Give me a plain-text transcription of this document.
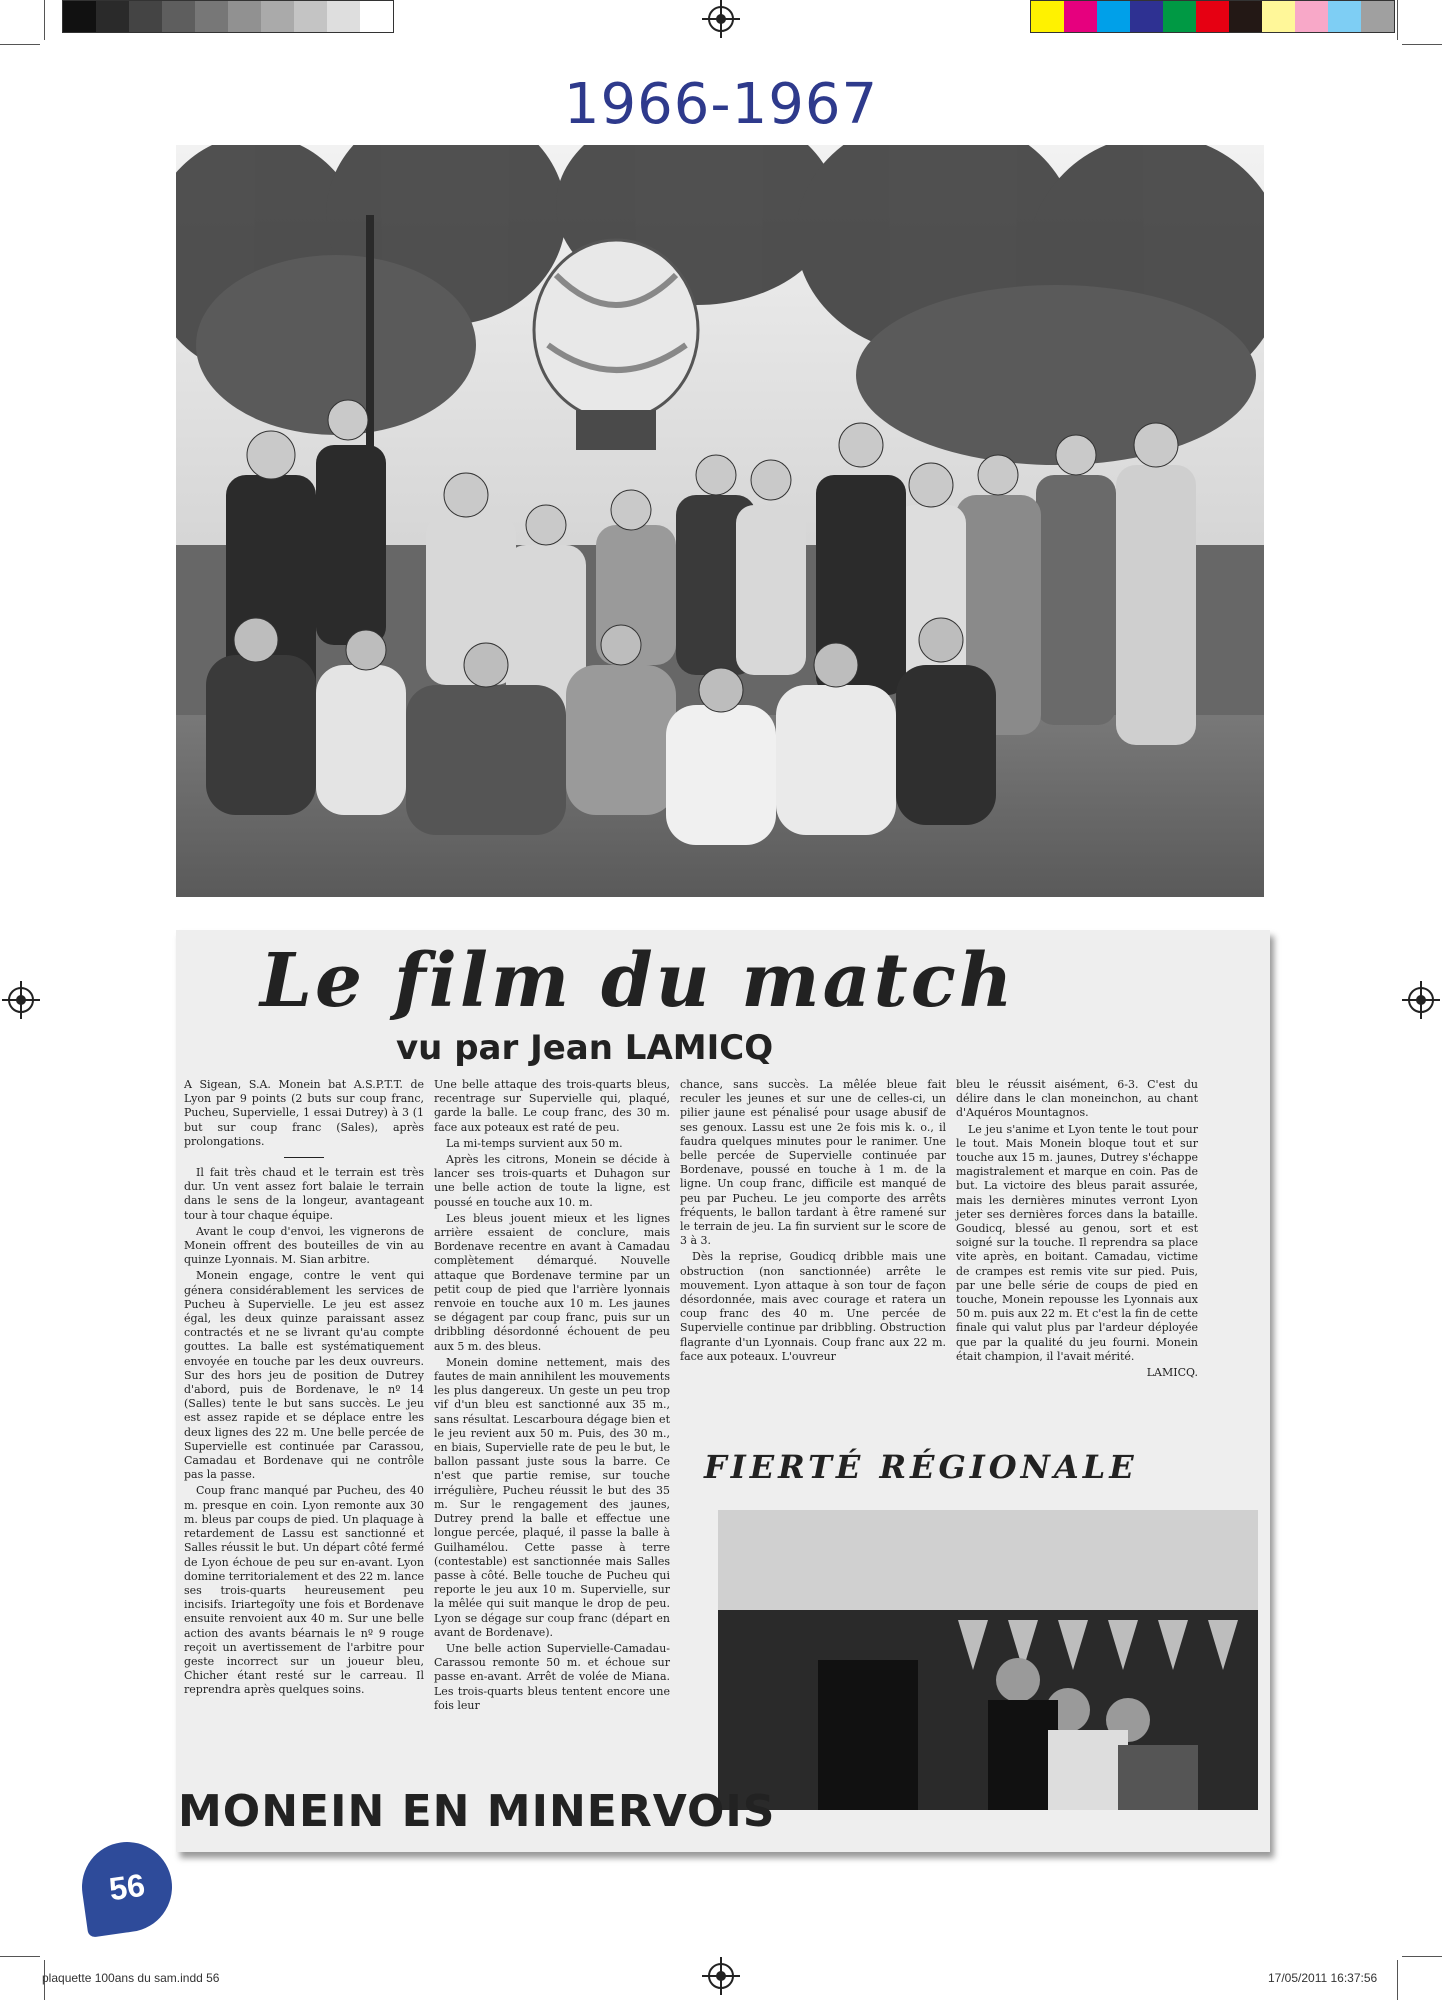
1966-1967
Le film du match
vu par Jean LAMICQ

A Sigean, S.A. Monein bat A.S.P.T.T. de Lyon par 9 points (2 buts sur coup franc, Pucheu, Supervielle, 1 essai Dutrey) à 3 (1 but sur coup franc (Sales), après prolongations.

Il fait très chaud et le terrain est très dur. Un vent assez fort balaie le terrain dans le sens de la longeur, avantageant tour à tour chaque équipe.

Avant le coup d'envoi, les vignerons de Monein offrent des bouteilles de vin au quinze Lyonnais. M. Sian arbitre.

Monein engage, contre le vent qui génera considérablement les services de Pucheu à Supervielle. Le jeu est assez égal, les deux quinze paraissant assez contractés et ne se livrant qu'au compte gouttes. La balle est systématiquement envoyée en touche par les deux ouvreurs. Sur des hors jeu de position de Dutrey d'abord, puis de Bordenave, le nº 14 (Salles) tente le but sans succès. Le jeu est assez rapide et se déplace entre les deux lignes des 22 m. Une belle percée de Supervielle est continuée par Carassou, Camadau et Bordenave qui ne contrôle pas la passe.

Coup franc manqué par Pucheu, des 40 m. presque en coin. Lyon remonte aux 30 m. bleus par coups de pied. Un plaquage à retardement de Lassu est sanctionné et Salles réussit le but. Un départ côté fermé de Lyon échoue de peu sur en-avant. Lyon domine territorialement et des 22 m. lance ses trois-quarts heureusement peu incisifs. Iriartegoïty une fois et Bordenave ensuite renvoient aux 40 m. Sur une belle action des avants béarnais le nº 9 rouge reçoit un avertissement de l'arbitre pour geste incorrect sur un joueur bleu, Chicher étant resté sur le carreau. Il reprendra après quelques soins.

Une belle attaque des trois-quarts bleus, recentrage sur Supervielle qui, plaqué, garde la balle. Le coup franc, des 30 m. face aux poteaux est raté de peu.

La mi-temps survient aux 50 m.

Après les citrons, Monein se décide à lancer ses trois-quarts et Duhagon sur une belle action de toute la ligne, est poussé en touche aux 10. m.

Les bleus jouent mieux et les lignes arrière essaient de conclure, mais Bordenave recentre en avant à Camadau complètement démarqué. Nouvelle attaque que Bordenave termine par un petit coup de pied que l'arrière lyonnais renvoie en touche aux 10 m. Les jaunes se dégagent par coup franc, puis sur un dribbling désordonné échouent de peu aux 5 m. des bleus.

Monein domine nettement, mais des fautes de main annihilent les mouvements les plus dangereux. Un geste un peu trop vif d'un bleu est sanctionné aux 35 m., sans résultat. Lescarboura dégage bien et le jeu revient aux 50 m. Puis, des 30 m., en biais, Supervielle rate de peu le but, le ballon passant juste sous la barre. Ce n'est que partie remise, sur touche irrégulière, Pucheu réussit le but des 35 m. Sur le rengagement des jaunes, Dutrey prend la balle et effectue une longue percée, plaqué, il passe la balle à Guilhamélou. Cette passe à terre (contestable) est sanctionnée mais Salles passe à côté. Belle touche de Pucheu qui reporte le jeu aux 10 m. Supervielle, sur la mêlée qui suit manque le drop de peu. Lyon se dégage sur coup franc (départ en avant de Bordenave).

Une belle action Supervielle-Camadau-Carassou remonte 50 m. et échoue sur passe en-avant. Arrêt de volée de Miana. Les trois-quarts bleus tentent encore une fois leur

chance, sans succès. La mêlée bleue fait reculer les jeunes et sur une de celles-ci, un pilier jaune est pénalisé pour usage abusif de ses genoux. Lassu est une 2e fois mis k. o., il faudra quelques minutes pour le ranimer. Une belle percée de Supervielle continuée par Bordenave, poussé en touche à 1 m. de la ligne. Un coup franc, difficile est manqué de peu par Pucheu. Le jeu comporte des arrêts fréquents, le ballon tardant à être ramené sur le terrain de jeu. La fin survient sur le score de 3 à 3.

Dès la reprise, Goudicq dribble mais une obstruction (non sanctionnée) arrête le mouvement. Lyon attaque à son tour de façon désordonnée, mais avec courage et ratera un coup franc des 40 m. Une percée de Supervielle continue par dribbling. Obstruction flagrante d'un Lyonnais. Coup franc aux 22 m. face aux poteaux. L'ouvreur

bleu le réussit aisément, 6-3. C'est du délire dans le clan moneinchon, au chant d'Aquéros Mountagnos.

Le jeu s'anime et Lyon tente le tout pour le tout. Mais Monein bloque tout et sur touche aux 15 m. jaunes, Dutrey s'échappe magistralement et marque en coin. Pas de but. La victoire des bleus parait assurée, mais les dernières minutes verront Lyon jeter ses dernières forces dans la bataille. Goudicq, blessé au genou, sort et est soigné sur la touche. Il reprendra sa place vite après, en boitant. Camadau, victime de crampes est remis vite sur pied. Puis, par une belle série de coups de pied en touche, Monein repousse les Lyonnais aux 50 m. puis aux 22 m. Et c'est la fin de cette finale qui valut plus par l'ardeur déployée que par la qualité du jeu fourni. Monein était champion, il l'avait mérité.

LAMICQ.

FIERTÉ RÉGIONALE
MONEIN EN MINERVOIS
56
plaquette 100ans du sam.indd 56	17/05/2011 16:37:56
